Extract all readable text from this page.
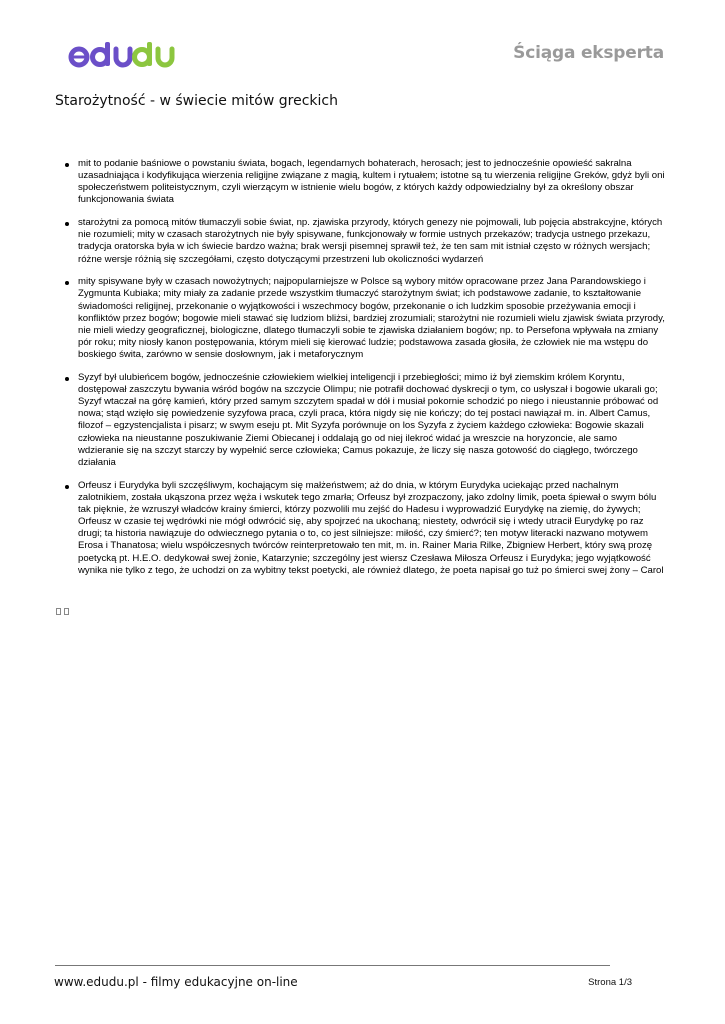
Ściąga eksperta
Starożytność - w świecie mitów greckich
mit to podanie baśniowe o powstaniu świata, bogach, legendarnych bohaterach, herosach; jest to jednocześnie opowieść sakralna uzasadniająca i kodyfikująca wierzenia religijne związane z magią, kultem i rytuałem; istotne są tu wierzenia religijne Greków, gdyż byli oni społeczeństwem politeistycznym, czyli wierzącym w istnienie wielu bogów, z których każdy odpowiedzialny był za określony obszar funkcjonowania świata
starożytni za pomocą mitów tłumaczyli sobie świat, np. zjawiska przyrody, których genezy nie pojmowali, lub pojęcia abstrakcyjne, których nie rozumieli; mity w czasach starożytnych nie były spisywane, funkcjonowały w formie ustnych przekazów; tradycja ustnego przekazu, tradycja oratorska była w ich świecie bardzo ważna; brak wersji pisemnej sprawił też, że ten sam mit istniał często w różnych wersjach; różne wersje różnią się szczegółami, często dotyczącymi przestrzeni lub okoliczności wydarzeń
mity spisywane były w czasach nowożytnych; najpopularniejsze w Polsce są wybory mitów opracowane przez Jana Parandowskiego i Zygmunta Kubiaka; mity miały za zadanie przede wszystkim tłumaczyć starożytnym świat; ich podstawowe zadanie, to kształtowanie świadomości religijnej, przekonanie o wyjątkowości i wszechmocy bogów, przekonanie o ich ludzkim sposobie przeżywania emocji i konfliktów przez bogów; bogowie mieli stawać się ludziom bliżsi, bardziej zrozumiali; starożytni nie rozumieli wielu zjawisk świata przyrody, nie mieli wiedzy geograficznej, biologiczne, dlatego tłumaczyli sobie te zjawiska działaniem bogów; np. to Persefona wpływała na zmiany pór roku; mity niosły kanon postępowania, którym mieli się kierować ludzie; podstawowa zasada głosiła, że człowiek nie ma wstępu do boskiego świta, zarówno w sensie dosłownym, jak i metaforycznym
Syzyf był ulubieńcem bogów, jednocześnie człowiekiem wielkiej inteligencji i przebiegłości; mimo iż był ziemskim królem Koryntu, dostępował zaszczytu bywania wśród bogów na szczycie Olimpu; nie potrafił dochować dyskrecji o tym, co usłyszał i bogowie ukarali go; Syzyf wtaczał na górę kamień, który przed samym szczytem spadał w dół i musiał pokornie schodzić po niego i nieustannie próbować od nowa; stąd wzięło się powiedzenie syzyfowa praca, czyli praca, która nigdy się nie kończy; do tej postaci nawiązał m. in. Albert Camus, filozof – egzystencjalista i pisarz; w swym eseju pt. Mit Syzyfa porównuje on los Syzyfa z życiem każdego człowieka: Bogowie skazali człowieka na nieustanne poszukiwanie Ziemi Obiecanej i oddalają go od niej ilekroć widać ja wreszcie na horyzoncie, ale samo wdzieranie się na szczyt starczy by wypełnić serce człowieka; Camus pokazuje, że liczy się nasza gotowość do ciągłego, twórczego działania
Orfeusz i Eurydyka byli szczęśliwym, kochającym się małżeństwem; aż do dnia, w którym Eurydyka uciekając przed nachalnym zalotnikiem, została ukąszona przez węża i wskutek tego zmarła; Orfeusz był zrozpaczony, jako zdolny limik, poeta śpiewał o swym bólu tak pięknie, że wzruszył władców krainy śmierci, którzy pozwolili mu zejść do Hadesu i wyprowadzić Eurydykę na ziemię, do żywych; Orfeusz w czasie tej wędrówki nie mógł odwrócić się, aby spojrzeć na ukochaną; niestety, odwrócił się i wtedy utracił Eurydykę po raz drugi; ta historia nawiązuje do odwiecznego pytania o to, co jest silniejsze: miłość, czy śmierć?; ten motyw literacki nazwano motywem Erosa i Thanatosa; wielu współczesnych twórców reinterpretowało ten mit, m. in. Rainer Maria Rilke, Zbigniew Herbert, który swą prozę poetycką pt. H.E.O. dedykował swej żonie, Katarzynie; szczególny jest wiersz Czesława Miłosza Orfeusz i Eurydyka; jego wyjątkowość wynika nie tylko z tego, że uchodzi on za wybitny tekst poetycki, ale również dlatego, że poeta napisał go tuż po śmierci swej żony – Carol
www.edudu.pl - filmy edukacyjne on-line	Strona 1/3
